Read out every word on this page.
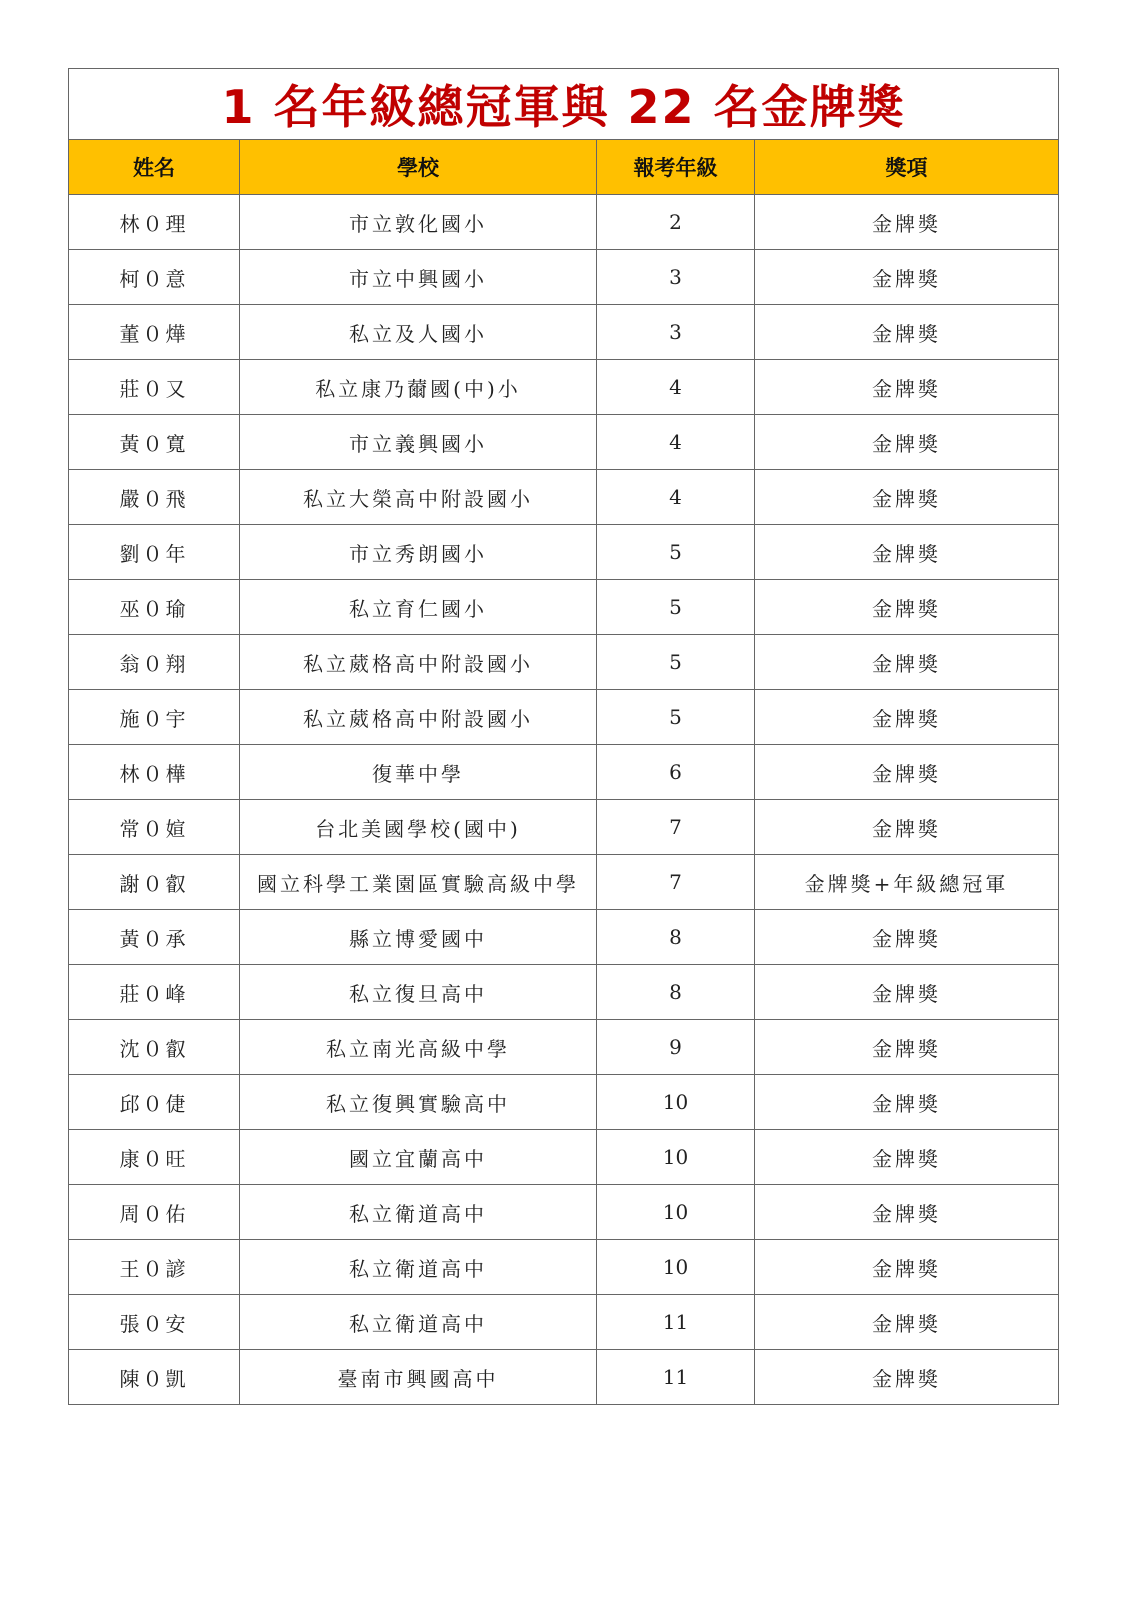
1 名年級總冠軍與 22 名金牌獎			
姓名	學校	報考年級	獎項
林０理	市立敦化國小	2	金牌獎
柯０意	市立中興國小	3	金牌獎
董０燁	私立及人國小	3	金牌獎
莊０又	私立康乃薾國(中)小	4	金牌獎
黃０寬	市立義興國小	4	金牌獎
嚴０飛	私立大榮高中附設國小	4	金牌獎
劉０年	市立秀朗國小	5	金牌獎
巫０瑜	私立育仁國小	5	金牌獎
翁０翔	私立葳格高中附設國小	5	金牌獎
施０宇	私立葳格高中附設國小	5	金牌獎
林０樺	復華中學	6	金牌獎
常０媗	台北美國學校(國中)	7	金牌獎
謝０叡	國立科學工業園區實驗高級中學	7	金牌獎+年級總冠軍
黃０承	縣立博愛國中	8	金牌獎
莊０峰	私立復旦高中	8	金牌獎
沈０叡	私立南光高級中學	9	金牌獎
邱０倢	私立復興實驗高中	10	金牌獎
康０旺	國立宜蘭高中	10	金牌獎
周０佑	私立衛道高中	10	金牌獎
王０諺	私立衛道高中	10	金牌獎
張０安	私立衛道高中	11	金牌獎
陳０凱	臺南市興國高中	11	金牌獎
